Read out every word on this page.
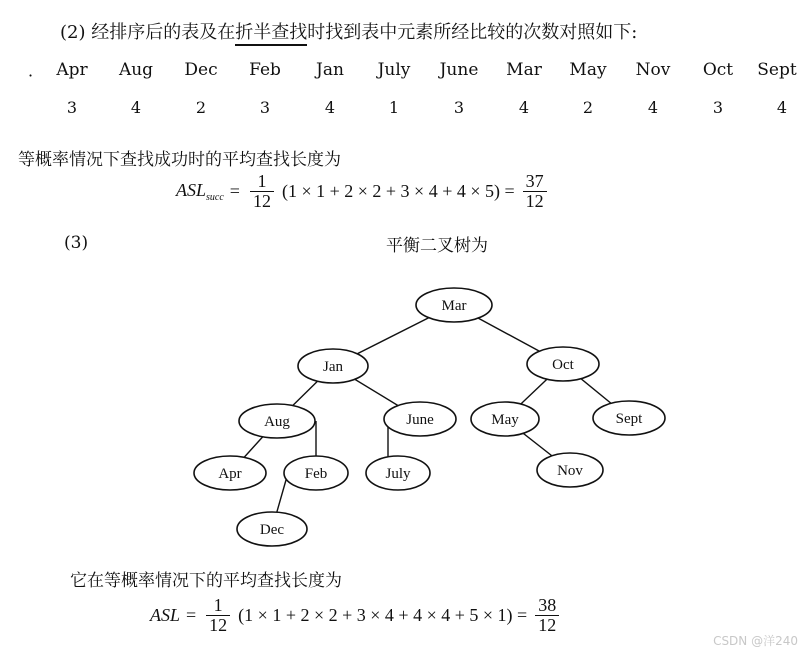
(2) 经排序后的表及在折半查找时找到表中元素所经比较的次数对照如下:
·	Apr	Aug	Dec	Feb	Jan	July	June	Mar	May	Nov	Oct	Sept
3	4	2	3	4	1	3	4	2	4	3	4
等概率情况下查找成功时的平均查找长度为
$ASL_{succ} = \frac{1}{12} (1 \times 1 + 2 \times 2 + 3 \times 4 + 4 \times 5) = \frac{37}{12}$
(3)	平衡二叉树为
Mar
Jan	Oct
Aug	June	May	Sept
Apr	Feb	July	Nov
Dec
它在等概率情况下的平均查找长度为
ASL = $\frac{1}{12} (1 \times 1 + 2 \times 2 + 3 \times 4 + 4 \times 4 + 5 \times 1) = \frac{38}{12}$
CSDN @洋240
